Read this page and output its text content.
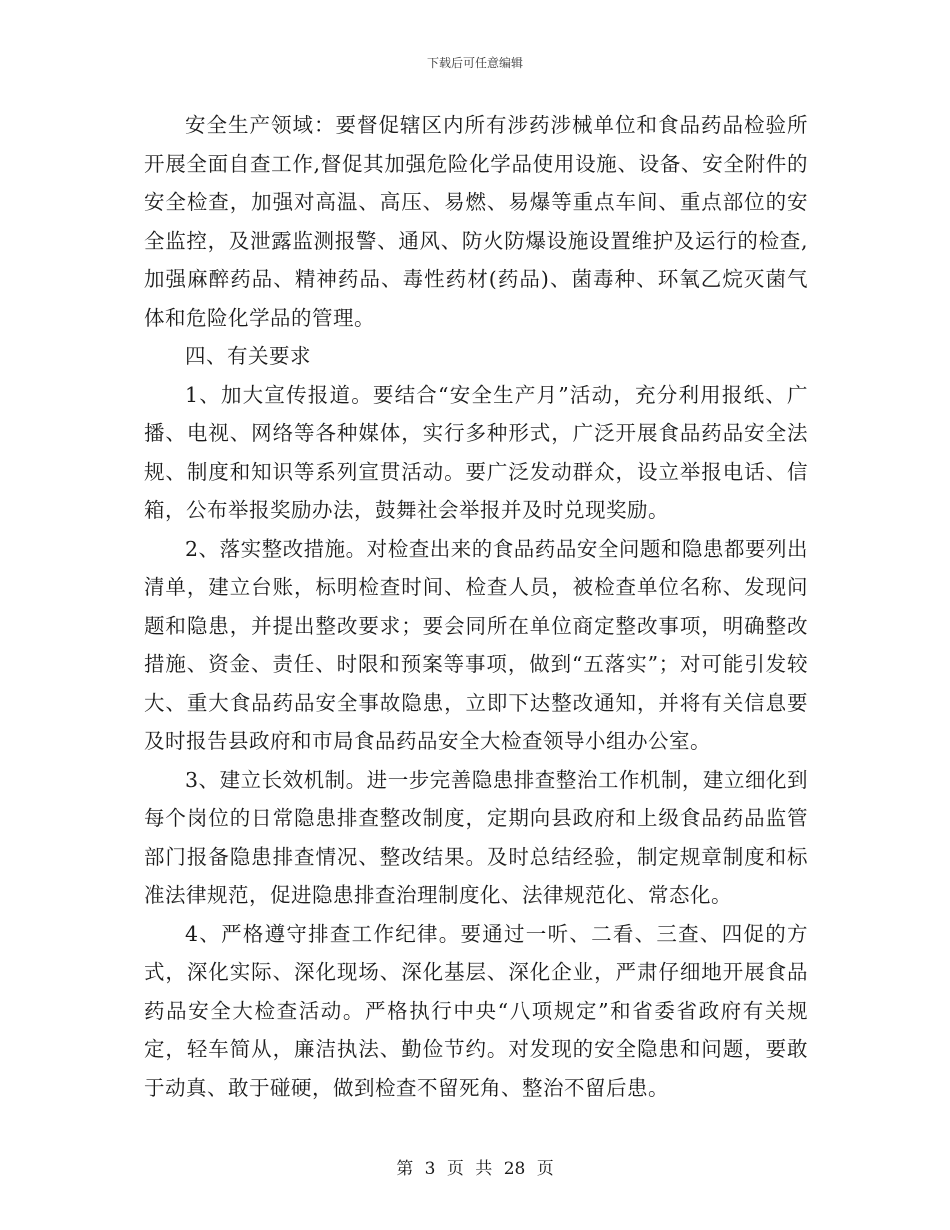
下载后可任意编辑

安全生产领域：要督促辖区内所有涉药涉械单位和食品药品检验所开展全面自查工作,督促其加强危险化学品使用设施、设备、安全附件的安全检查，加强对高温、高压、易燃、易爆等重点车间、重点部位的安全监控，及泄露监测报警、通风、防火防爆设施设置维护及运行的检查,加强麻醉药品、精神药品、毒性药材(药品)、菌毒种、环氧乙烷灭菌气体和危险化学品的管理。

四、有关要求

1、加大宣传报道。要结合“安全生产月”活动，充分利用报纸、广播、电视、网络等各种媒体，实行多种形式，广泛开展食品药品安全法规、制度和知识等系列宣贯活动。要广泛发动群众，设立举报电话、信箱，公布举报奖励办法，鼓舞社会举报并及时兑现奖励。

2、落实整改措施。对检查出来的食品药品安全问题和隐患都要列出清单，建立台账，标明检查时间、检查人员，被检查单位名称、发现问题和隐患，并提出整改要求；要会同所在单位商定整改事项，明确整改措施、资金、责任、时限和预案等事项，做到“五落实”；对可能引发较大、重大食品药品安全事故隐患，立即下达整改通知，并将有关信息要及时报告县政府和市局食品药品安全大检查领导小组办公室。

3、建立长效机制。进一步完善隐患排查整治工作机制，建立细化到每个岗位的日常隐患排查整改制度，定期向县政府和上级食品药品监管部门报备隐患排查情况、整改结果。及时总结经验，制定规章制度和标准法律规范，促进隐患排查治理制度化、法律规范化、常态化。

4、严格遵守排查工作纪律。要通过一听、二看、三查、四促的方式，深化实际、深化现场、深化基层、深化企业，严肃仔细地开展食品药品安全大检查活动。严格执行中央“八项规定”和省委省政府有关规定，轻车简从，廉洁执法、勤俭节约。对发现的安全隐患和问题，要敢于动真、敢于碰硬，做到检查不留死角、整治不留后患。

第 3 页 共 28 页
